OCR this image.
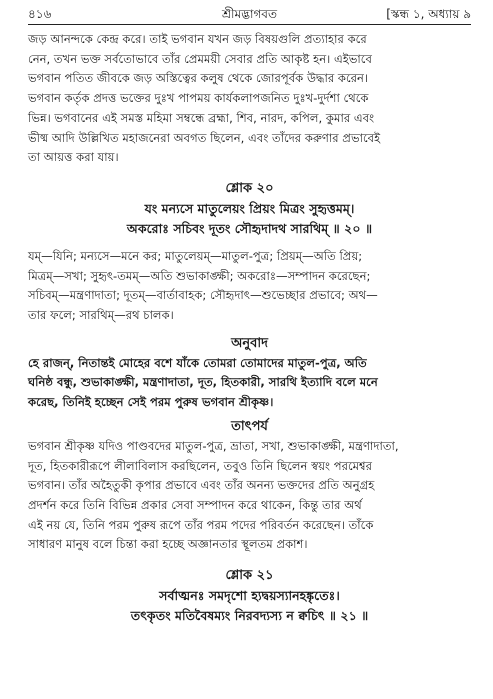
৪১৬	শ্রীমদ্ভাগবত	[স্কন্ধ ১, অধ্যায় ৯

জড় আনন্দকে কেন্দ্র করে। তাই ভগবান যখন জড় বিষয়গুলি প্রত্যাহার করে

নেন, তখন ভক্ত সর্বতোভাবে তাঁর প্রেমময়ী সেবার প্রতি আকৃষ্ট হন। এইভাবে

ভগবান পতিত জীবকে জড় অস্তিত্বের কলুষ থেকে জোরপূর্বক উদ্ধার করেন।

ভগবান কর্তৃক প্রদত্ত ভক্তের দুঃখ পাপময় কার্যকলাপজনিত দুঃখ-দুর্দশা থেকে

ভিন্ন। ভগবানের এই সমস্ত মহিমা সম্বন্ধে ব্রহ্মা, শিব, নারদ, কপিল, কুমার এবং

ভীষ্ম আদি উল্লিখিত মহাজনেরা অবগত ছিলেন, এবং তাঁদের করুণার প্রভাবেই

তা আয়ত্ত করা যায়।

শ্লোক ২০

যং মন্যসে মাতুলেয়ং প্রিয়ং মিত্রং সুহৃত্তমম্।

অকরোঃ সচিবং দূতং সৌহৃদাদথ সারথিম্ ॥ ২০ ॥

যম্—যিনি; মন্যসে—মনে কর; মাতুলেয়ম্—মাতুল-পুত্র; প্রিয়ম্—অতি প্রিয়;

মিত্রম্—সখা; সুহৃৎ-তমম্—অতি শুভাকাঙ্ক্ষী; অকরোঃ—সম্পাদন করেছেন;

সচিবম্—মন্ত্রণাদাতা; দূতম্—বার্তাবাহক; সৌহৃদাৎ—শুভেচ্ছার প্রভাবে; অথ—

তার ফলে; সারথিম্—রথ চালক।

অনুবাদ

হে রাজন্, নিতান্তই মোহের বশে যাঁকে তোমরা তোমাদের মাতুল-পুত্র, অতি

ঘনিষ্ঠ বন্ধু, শুভাকাঙ্ক্ষী, মন্ত্রণাদাতা, দূত, হিতকারী, সারথি ইত্যাদি বলে মনে

করেছ, তিনিই হচ্ছেন সেই পরম পুরুষ ভগবান শ্রীকৃষ্ণ।

তাৎপর্য

ভগবান শ্রীকৃষ্ণ যদিও পাণ্ডবদের মাতুল-পুত্র, ভ্রাতা, সখা, শুভাকাঙ্ক্ষী, মন্ত্রণাদাতা,

দূত, হিতকারীরূপে লীলাবিলাস করছিলেন, তবুও তিনি ছিলেন স্বয়ং পরমেশ্বর

ভগবান। তাঁর অহৈতুকী কৃপার প্রভাবে এবং তাঁর অনন্য ভক্তদের প্রতি অনুগ্রহ

প্রদর্শন করে তিনি বিভিন্ন প্রকার সেবা সম্পাদন করে থাকেন, কিন্তু তার অর্থ

এই নয় যে, তিনি পরম পুরুষ রূপে তাঁর পরম পদের পরিবর্তন করেছেন। তাঁকে

সাধারণ মানুষ বলে চিন্তা করা হচ্ছে অজ্ঞানতার স্থূলতম প্রকাশ।

শ্লোক ২১

সর্বাত্মনঃ সমদৃশো হ্যদ্বয়স্যানহঙ্কৃতেঃ।

তৎকৃতং মতিবৈষম্যং নিরবদ্যস্য ন ক্বচিৎ ॥ ২১ ॥
